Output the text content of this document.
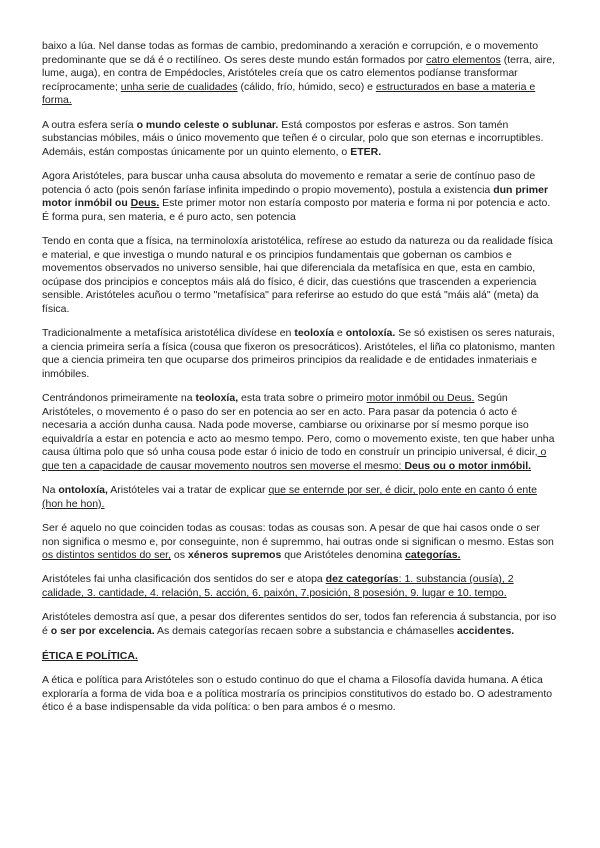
baixo a lúa. Nel danse todas as formas de cambio, predominando a xeración e corrupción, e o movemento predominante que se dá é o rectilíneo. Os seres deste mundo están formados por catro elementos (terra, aire, lume, auga), en contra de Empédocles, Aristóteles creía que os catro elementos podíanse transformar recíprocamente; unha serie de cualidades (cálido, frío, húmido, seco) e estructurados en base a materia e forma.

A outra esfera sería o mundo celeste o sublunar. Está compostos por esferas e astros. Son tamén substancias móbiles, máis o único movemento que teñen é o circular, polo que son eternas e incorruptibles. Ademáis, están compostas únicamente por un quinto elemento, o ETER.

Agora Aristóteles, para buscar unha causa absoluta do movemento e rematar a serie de contínuo paso de potencia ó acto (pois senón faríase infinita impedindo o propio movemento), postula a existencia dun primer motor inmóbil ou Deus. Este primer motor non estaría composto por materia e forma ni por potencia e acto. É forma pura, sen materia, e é puro acto, sen potencia

Tendo en conta que a física, na terminoloxía aristotélica, refírese ao estudo da natureza ou da realidade física e material, e que investiga o mundo natural e os principios fundamentais que gobernan os cambios e movementos observados no universo sensible, hai que diferenciala da metafísica en que, esta en cambio, ocúpase dos principios e conceptos máis alá do físico, é dicir, das cuestións que trascenden a experiencia sensible. Aristóteles acuñou o termo "metafísica" para referirse ao estudo do que está "máis alá" (meta) da física.

Tradicionalmente a metafísica aristotélica divídese en teoloxía e ontoloxía. Se só existisen os seres naturais, a ciencia primeira sería a física (cousa que fixeron os presocráticos). Aristóteles, el liña co platonismo, manten que a ciencia primeira ten que ocuparse dos primeiros principios da realidade e de entidades inmateriais e inmóbiles.

Centrándonos primeiramente na teoloxía, esta trata sobre o primeiro motor inmóbil ou Deus. Según Aristóteles, o movemento é o paso do ser en potencia ao ser en acto. Para pasar da potencia ó acto é necesaria a acción dunha causa. Nada pode moverse, cambiarse ou orixinarse por sí mesmo porque iso equivaldría a estar en potencia e acto ao mesmo tempo. Pero, como o movemento existe, ten que haber unha causa última polo que só unha cousa pode estar ó inicio de todo en construír un principio universal, é dicir, o que ten a capacidade de causar movemento noutros sen moverse el mesmo: Deus ou o motor inmóbil.

Na ontoloxía, Aristóteles vai a tratar de explicar que se enternde por ser, é dicir, polo ente en canto ó ente (hon he hon).

Ser é aquelo no que coinciden todas as cousas: todas as cousas son. A pesar de que hai casos onde o ser non significa o mesmo e, por conseguinte, non é supremmo, hai outras onde si significan o mesmo. Estas son os distintos sentidos do ser, os xéneros supremos que Aristóteles denomina categorías.

Aristóteles fai unha clasificación dos sentidos do ser e atopa dez categorías: 1. substancia (ousía), 2 calidade, 3. cantidade, 4. relación, 5. acción, 6. paixón, 7.posición, 8 posesión, 9. lugar e 10. tempo.

Aristóteles demostra así que, a pesar dos diferentes sentidos do ser, todos fan referencia á substancia, por iso é o ser por excelencia. As demais categorías recaen sobre a substancia e chámaselles accidentes.

ÉTICA E POLÍTICA.

A ética e política para Aristóteles son o estudo continuo do que el chama a Filosofía davida humana. A ética exploraría a forma de vida boa e a política mostraría os principios constitutivos do estado bo. O adestramento ético é a base indispensable da vida política: o ben para ambos é o mesmo.
